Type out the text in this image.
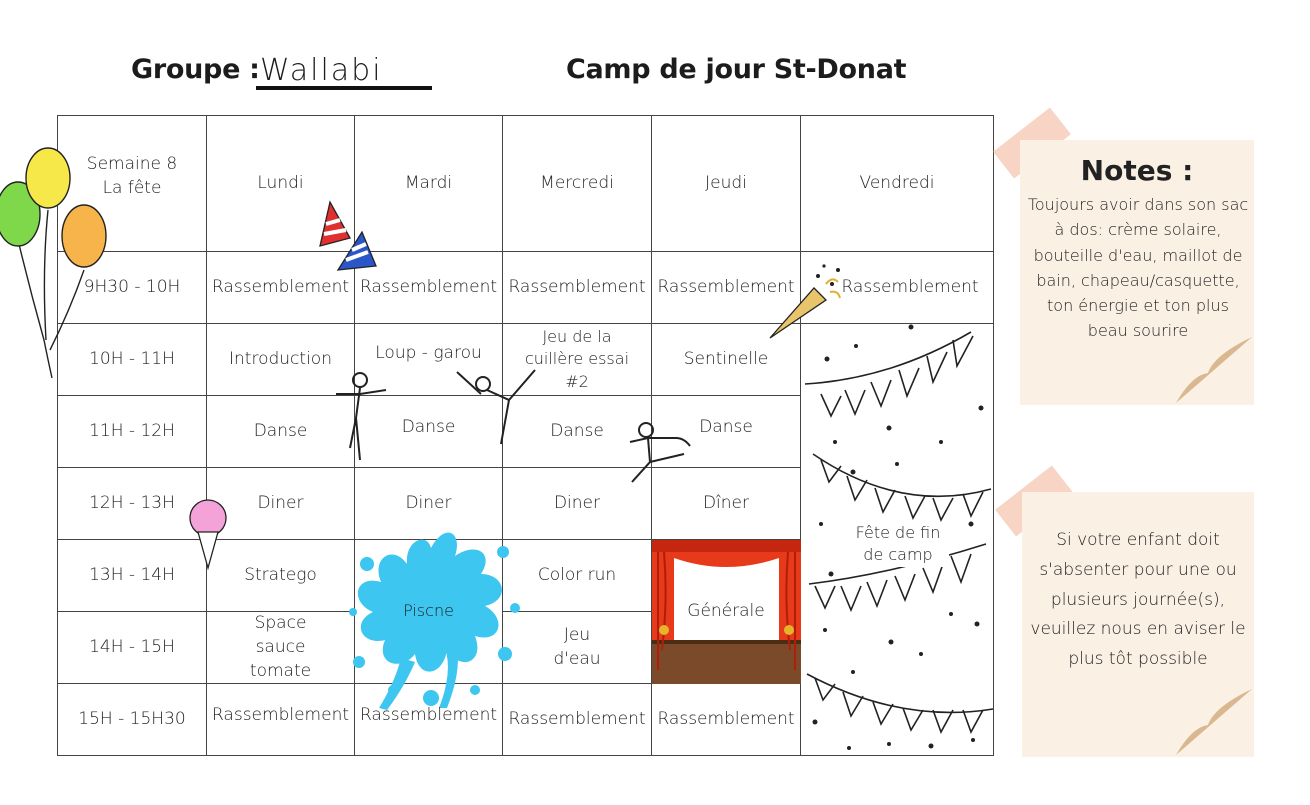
Groupe : Wallabi	Camp de jour St-Donat
Semaine 8
La fête	Lundi	Mardi	Mercredi	Jeudi	Vendredi
9H30 - 10H	Rassemblement	Rassemblement	Rassemblement	Rassemblement	Rassemblement
10H - 11H	Introduction	Loup - garou	Jeu de la cuillère essai #2	Sentinelle	Fête de fin de camp

11H - 12H	Danse	Danse	Danse	Danse	
12H - 13H	Diner	Diner	Diner	Dîner	
13H - 14H	Stratego	Piscne	Color run	Générale	

14H - 15H	Space sauce tomate		Jeu d'eau		
15H - 15H30	Rassemblement	Rassemblement	Rassemblement	Rassemblement	
Notes :
Toujours avoir dans son sac à dos: crème solaire, bouteille d'eau, maillot de bain, chapeau/casquette, ton énergie et ton plus beau sourire
Si votre enfant doit s'absenter pour une ou plusieurs journée(s), veuillez nous en aviser le plus tôt possible
